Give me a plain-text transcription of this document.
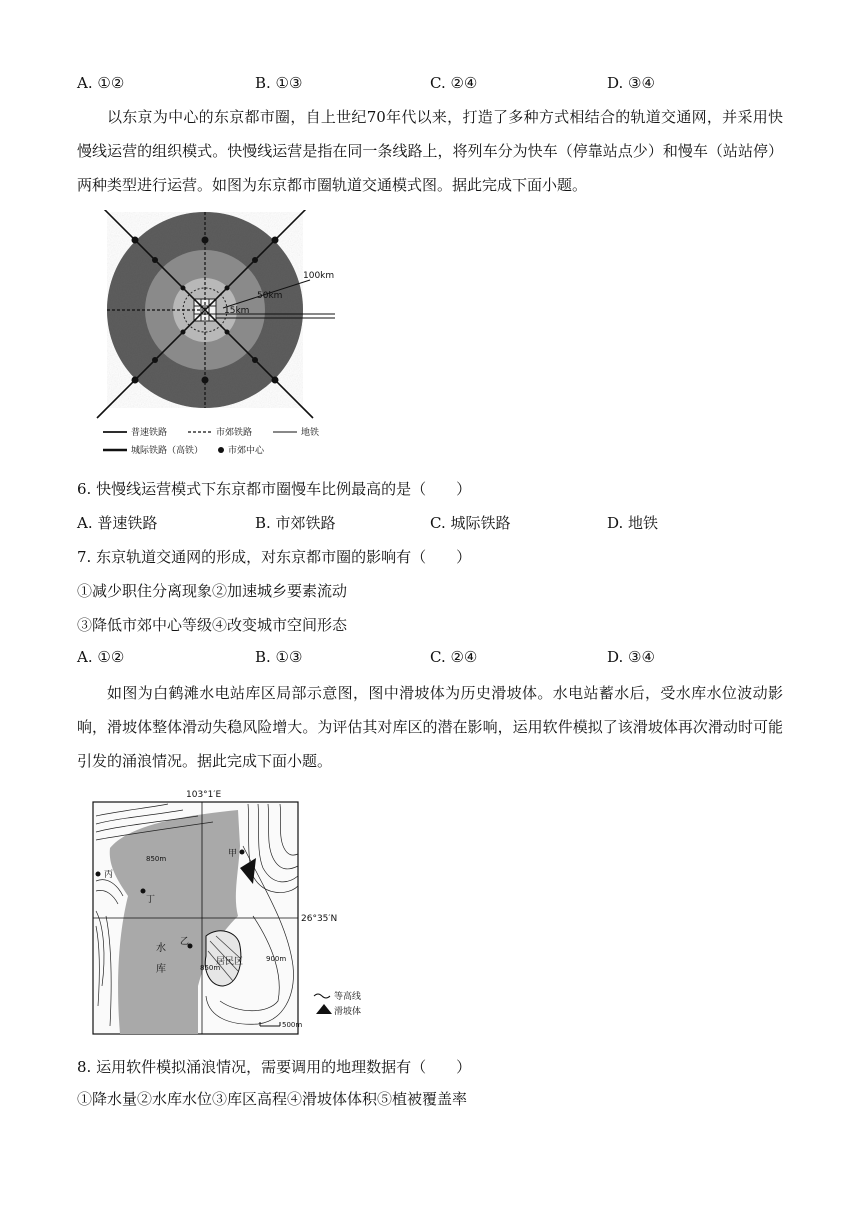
A. ①②	B. ①③	C. ②④	D. ③④
以东京为中心的东京都市圈，自上世纪70年代以来，打造了多种方式相结合的轨道交通网，并采用快慢线运营的组织模式。快慢线运营是指在同一条线路上，将列车分为快车（停靠站点少）和慢车（站站停）两种类型进行运营。如图为东京都市圈轨道交通模式图。据此完成下面小题。
100km
50km
15km
普速铁路	市郊铁路	地铁
城际铁路（高铁）	市郊中心
6. 快慢线运营模式下东京都市圈慢车比例最高的是（　　）
A. 普速铁路	B. 市郊铁路	C. 城际铁路	D. 地铁
7. 东京轨道交通网的形成，对东京都市圈的影响有（　　）
①减少职住分离现象②加速城乡要素流动
③降低市郊中心等级④改变城市空间形态
A. ①②	B. ①③	C. ②④	D. ③④
如图为白鹤滩水电站库区局部示意图，图中滑坡体为历史滑坡体。水电站蓄水后，受水库水位波动影响，滑坡体整体滑动失稳风险增大。为评估其对库区的潜在影响，运用软件模拟了该滑坡体再次滑动时可能引发的涌浪情况。据此完成下面小题。
103°1′E
26°35′N
甲
乙
丙
丁
850m
850m
900m
水
库
居民区
500m
等高线
滑坡体
8. 运用软件模拟涌浪情况，需要调用的地理数据有（　　）
①降水量②水库水位③库区高程④滑坡体体积⑤植被覆盖率
